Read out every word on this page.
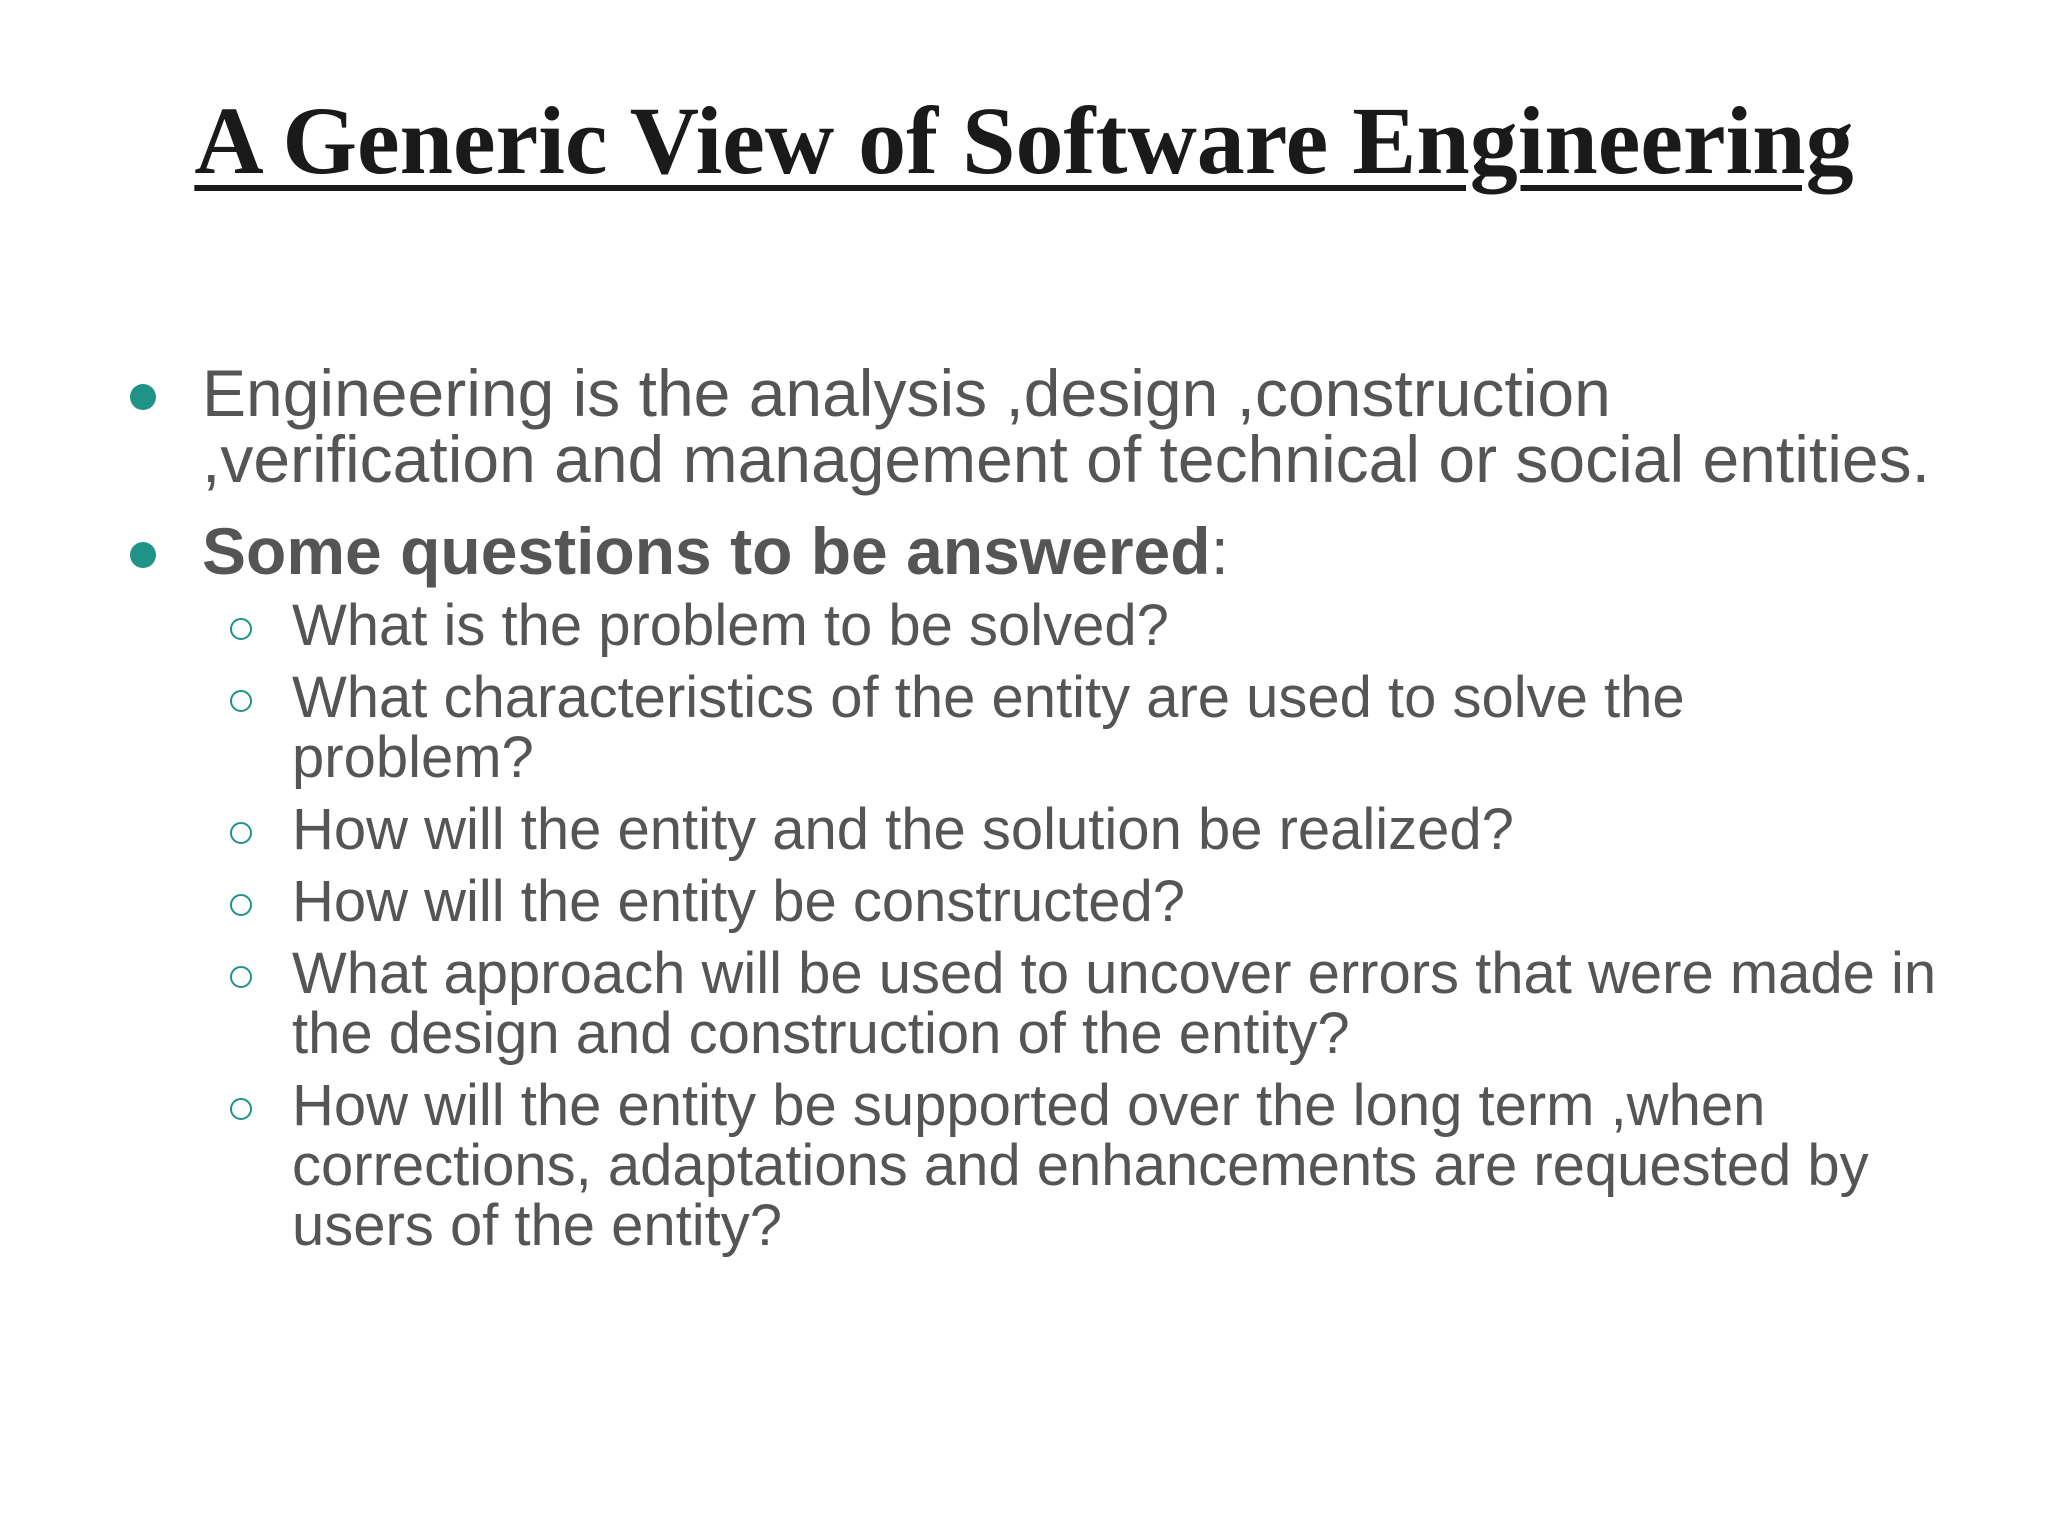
A Generic View of Software Engineering

Engineering is the analysis ,design ,construction ,verification and management of technical or social entities.

Some questions to be answered:

What is the problem to be solved?

What characteristics of the entity are used to solve the problem?

How will the entity and the solution be realized?

How will the entity be constructed?

What approach will be used to uncover errors that were made in the design and construction of the entity?

How will the entity be supported over the long term ,when corrections, adaptations and enhancements are requested by users of the entity?
